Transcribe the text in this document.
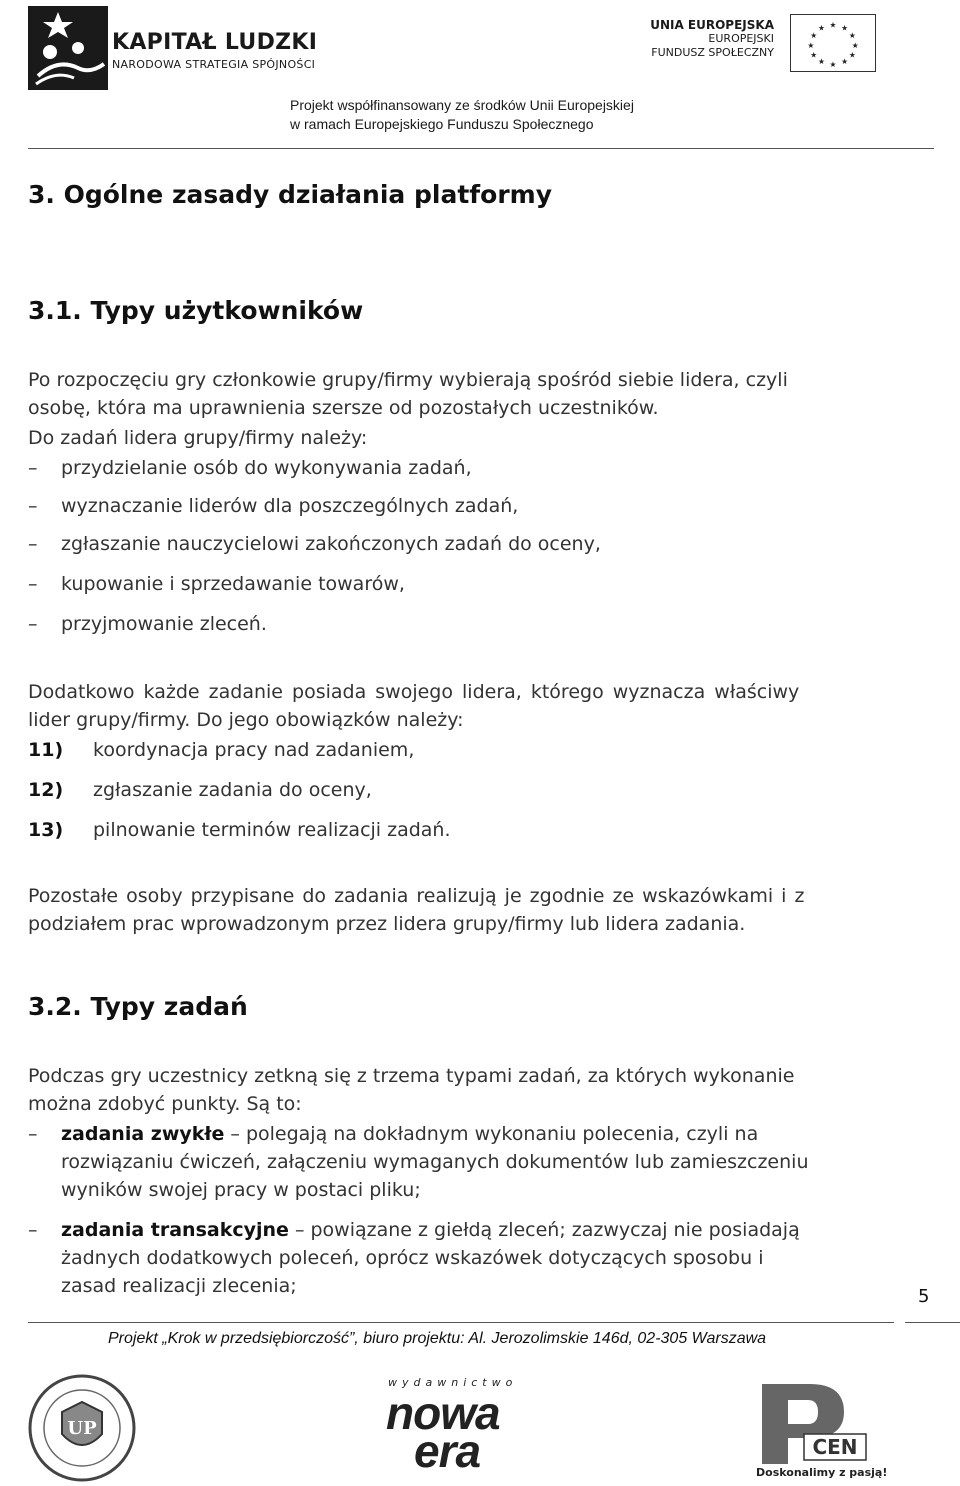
KAPITAŁ LUDZKI
NARODOWA STRATEGIA SPÓJNOŚCI
UNIA EUROPEJSKA
EUROPEJSKI
FUNDUSZ SPOŁECZNY
★ ★
★
★
★
★
★
★
★
★
★
★
Projekt współfinansowany ze środków Unii Europejskiej
w ramach Europejskiego Funduszu Społecznego
3. Ogólne zasady działania platformy
3.1. Typy użytkowników

Po rozpoczęciu gry członkowie grupy/firmy wybierają spośród siebie lidera, czyli

osobę, która ma uprawnienia szersze od pozostałych uczestników.

Do zadań lidera grupy/firmy należy:

–	przydzielanie osób do wykonywania zadań,
–	wyznaczanie liderów dla poszczególnych zadań,
–	zgłaszanie nauczycielowi zakończonych zadań do oceny,
–	kupowanie i sprzedawanie towarów,
–	przyjmowanie zleceń.

Dodatkowo każde zadanie posiada swojego lidera, którego wyznacza właściwy

lider grupy/firmy. Do jego obowiązków należy:

11) koordynacja pracy nad zadaniem,
12) zgłaszanie zadania do oceny,
13) pilnowanie terminów realizacji zadań.

Pozostałe osoby przypisane do zadania realizują je zgodnie ze wskazówkami i z

podziałem prac wprowadzonym przez lidera grupy/firmy lub lidera zadania.

3.2. Typy zadań

Podczas gry uczestnicy zetkną się z trzema typami zadań, za których wykonanie

można zdobyć punkty. Są to:

–	zadania zwykłe – polegają na dokładnym wykonaniu polecenia, czyli na
rozwiązaniu ćwiczeń, załączeniu wymaganych dokumentów lub zamieszczeniu
wyników swojej pracy w postaci pliku;
–	zadania transakcyjne – powiązane z giełdą zleceń; zazwyczaj nie posiadają
żadnych dodatkowych poleceń, oprócz wskazówek dotyczących sposobu i
zasad realizacji zlecenia;	5
Projekt „Krok w przedsiębiorczość”, biuro projektu: Al. Jerozolimskie 146d, 02-305 Warszawa
UP
wydawnictwo
nowa
era	CEN
Doskonalimy z pasją!
